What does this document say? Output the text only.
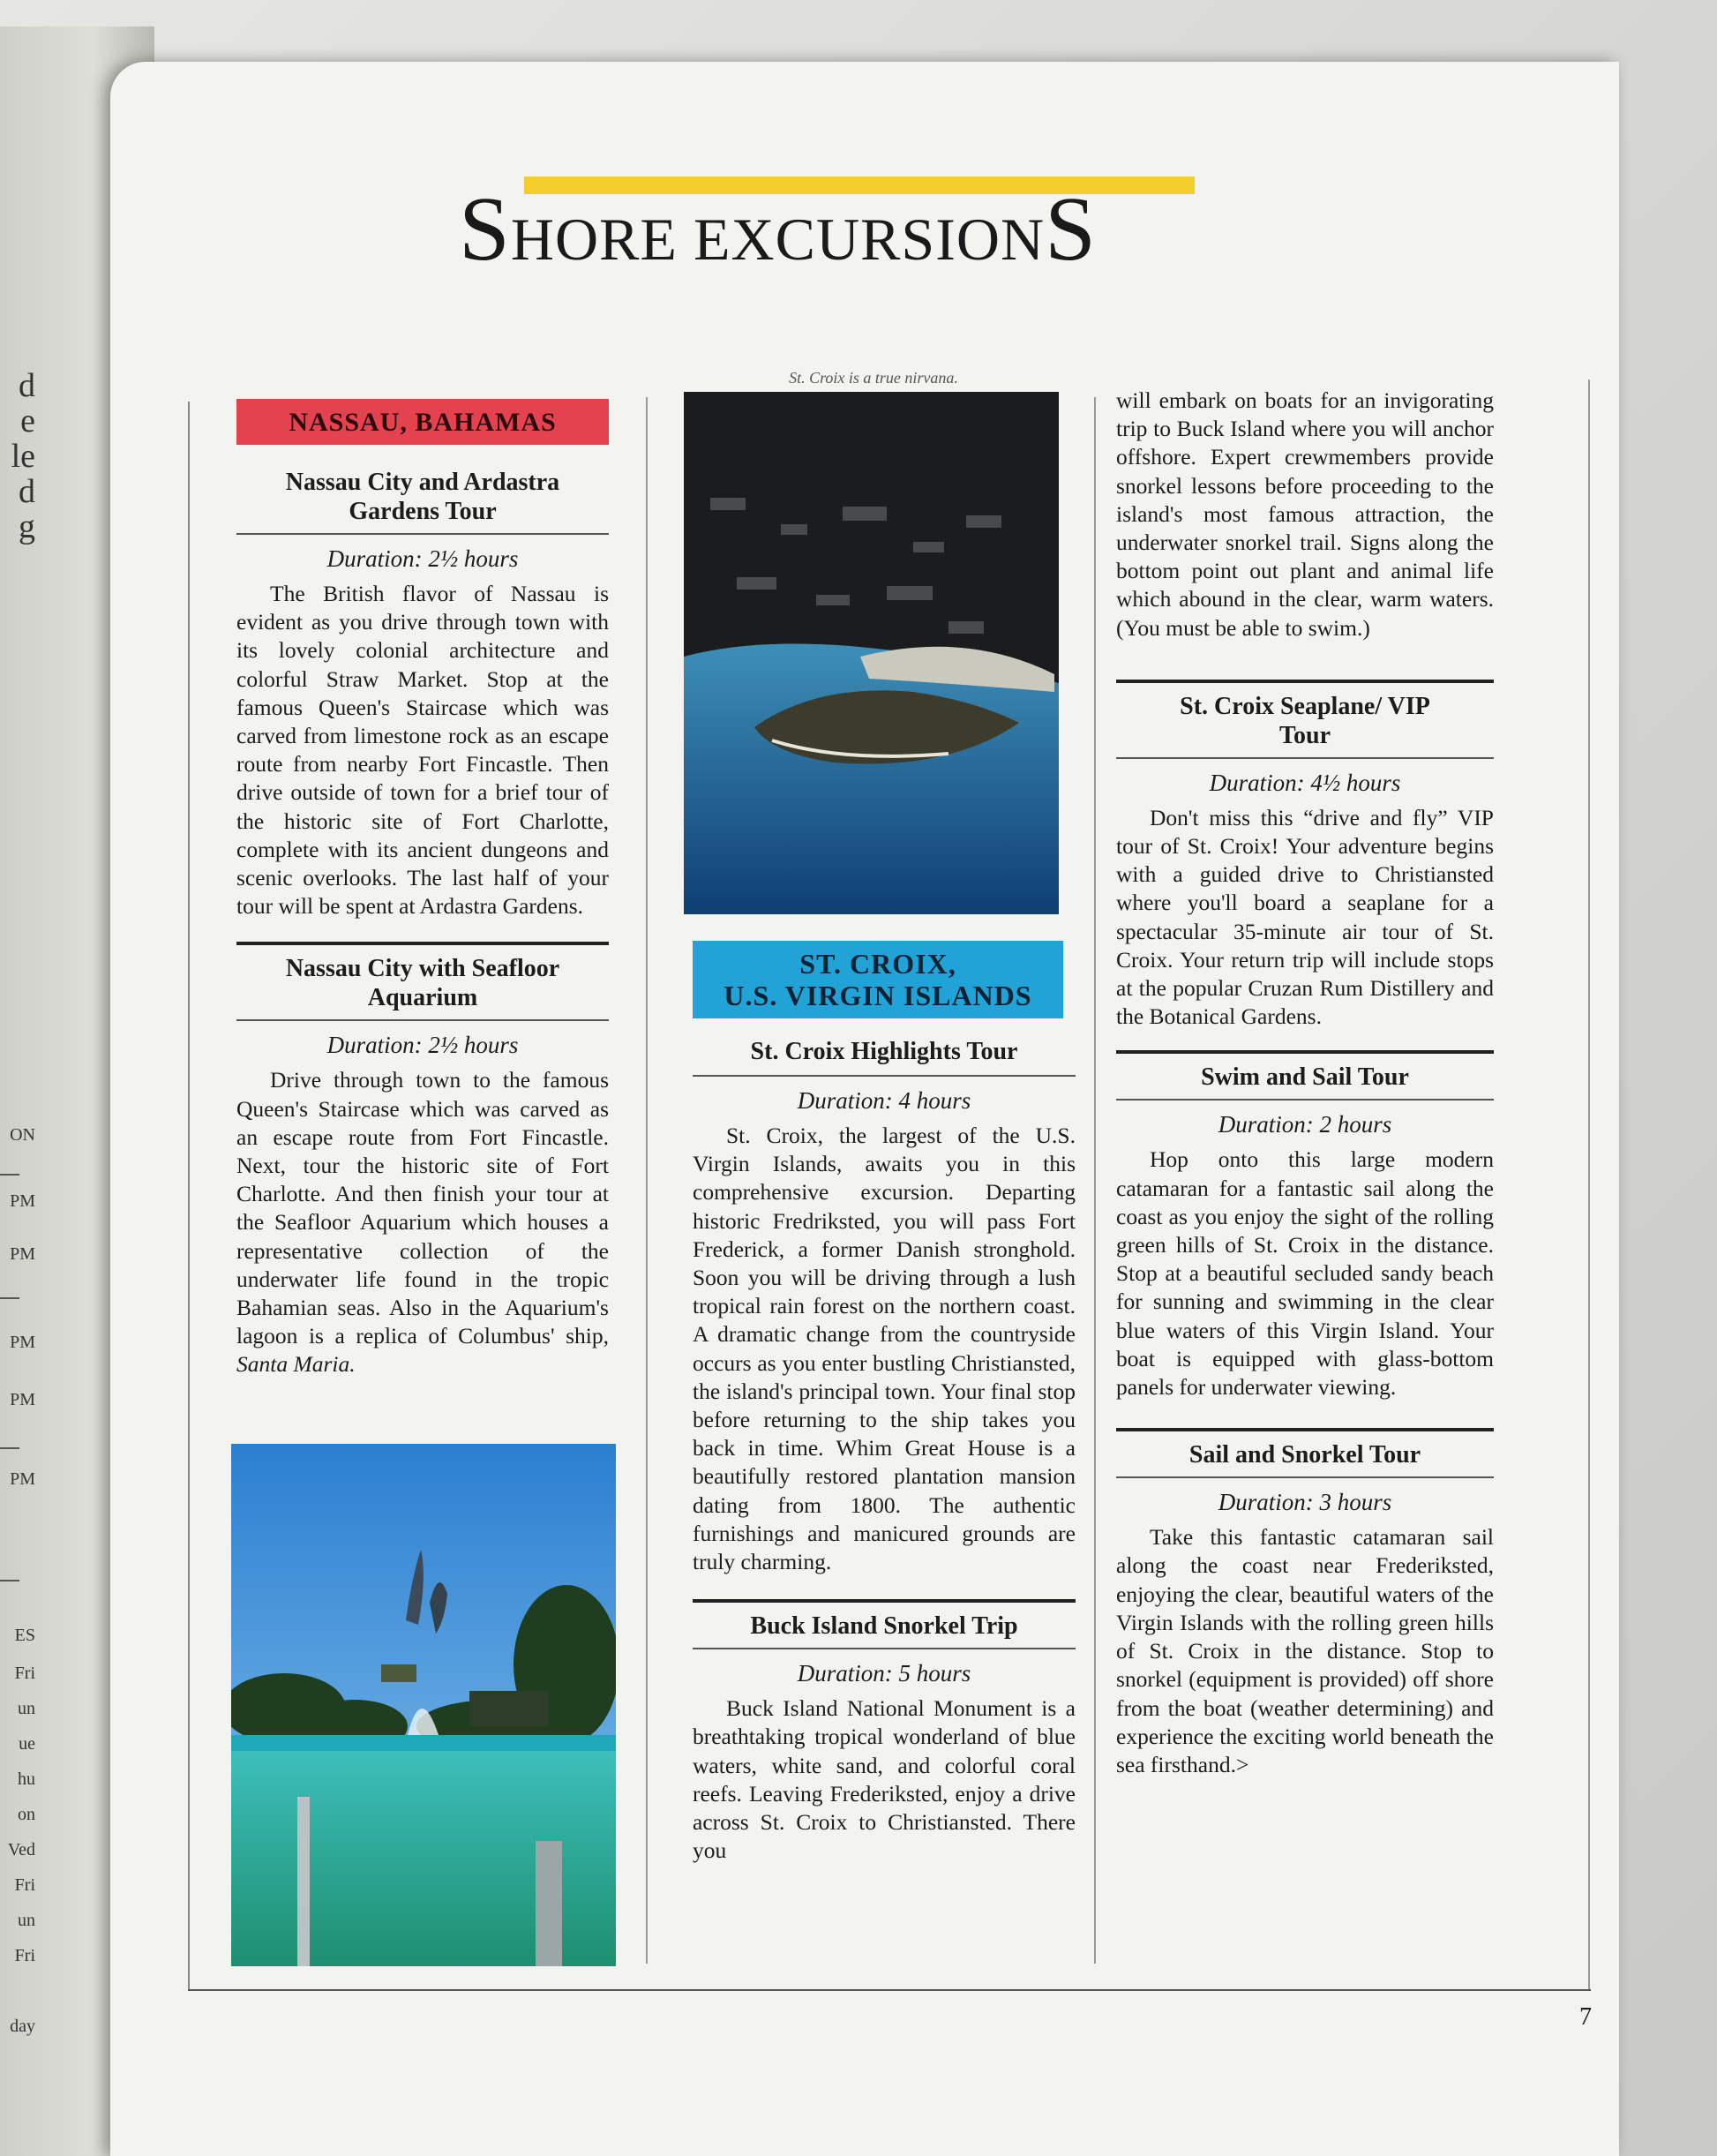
d
e
le
d
g
ON
PM
PM
PM
PM
PM
ES
Fri
un
ue
hu
on
Ved
Fri
un
Fri
day
SHORE EXCURSIONS
NASSAU, BAHAMAS
Nassau City and Ardastra Gardens Tour
Duration: 2½ hours

The British flavor of Nassau is evident as you drive through town with its lovely colonial architecture and colorful Straw Market. Stop at the famous Queen's Staircase which was carved from limestone rock as an escape route from nearby Fort Fincastle. Then drive outside of town for a brief tour of the historic site of Fort Charlotte, complete with its ancient dungeons and scenic overlooks. The last half of your tour will be spent at Ardastra Gardens.

Nassau City with Seafloor Aquarium
Duration: 2½ hours

Drive through town to the famous Queen's Staircase which was carved as an escape route from Fort Fincastle. Next, tour the historic site of Fort Charlotte. And then finish your tour at the Seafloor Aquarium which houses a representative collection of the underwater life found in the tropic Bahamian seas. Also in the Aquarium's lagoon is a replica of Columbus' ship, Santa Maria.

St. Croix is a true nirvana.
ST. CROIX,
U.S. VIRGIN ISLANDS
St. Croix Highlights Tour
Duration: 4 hours

St. Croix, the largest of the U.S. Virgin Islands, awaits you in this comprehensive excursion. Departing historic Fredriksted, you will pass Fort Frederick, a former Danish stronghold. Soon you will be driving through a lush tropical rain forest on the northern coast. A dramatic change from the countryside occurs as you enter bustling Christiansted, the island's principal town. Your final stop before returning to the ship takes you back in time. Whim Great House is a beautifully restored plantation mansion dating from 1800. The authentic furnishings and manicured grounds are truly charming.

Buck Island Snorkel Trip
Duration: 5 hours

Buck Island National Monument is a breathtaking tropical wonderland of blue waters, white sand, and colorful coral reefs. Leaving Frederiksted, enjoy a drive across St. Croix to Christiansted. There you

will embark on boats for an invigorating trip to Buck Island where you will anchor offshore. Expert crewmembers provide snorkel lessons before proceeding to the island's most famous attraction, the underwater snorkel trail. Signs along the bottom point out plant and animal life which abound in the clear, warm waters. (You must be able to swim.)

St. Croix Seaplane/ VIP Tour
Duration: 4½ hours

Don't miss this “drive and fly” VIP tour of St. Croix! Your adventure begins with a guided drive to Christiansted where you'll board a seaplane for a spectacular 35-minute air tour of St. Croix. Your return trip will include stops at the popular Cruzan Rum Distillery and the Botanical Gardens.

Swim and Sail Tour
Duration: 2 hours

Hop onto this large modern catamaran for a fantastic sail along the coast as you enjoy the sight of the rolling green hills of St. Croix in the distance. Stop at a beautiful secluded sandy beach for sunning and swimming in the clear blue waters of this Virgin Island. Your boat is equipped with glass-bottom panels for underwater viewing.

Sail and Snorkel Tour
Duration: 3 hours

Take this fantastic catamaran sail along the coast near Frederiksted, enjoying the clear, beautiful waters of the Virgin Islands with the rolling green hills of St. Croix in the distance. Stop to snorkel (equipment is provided) off shore from the boat (weather determining) and experience the exciting world beneath the sea firsthand.>

7
